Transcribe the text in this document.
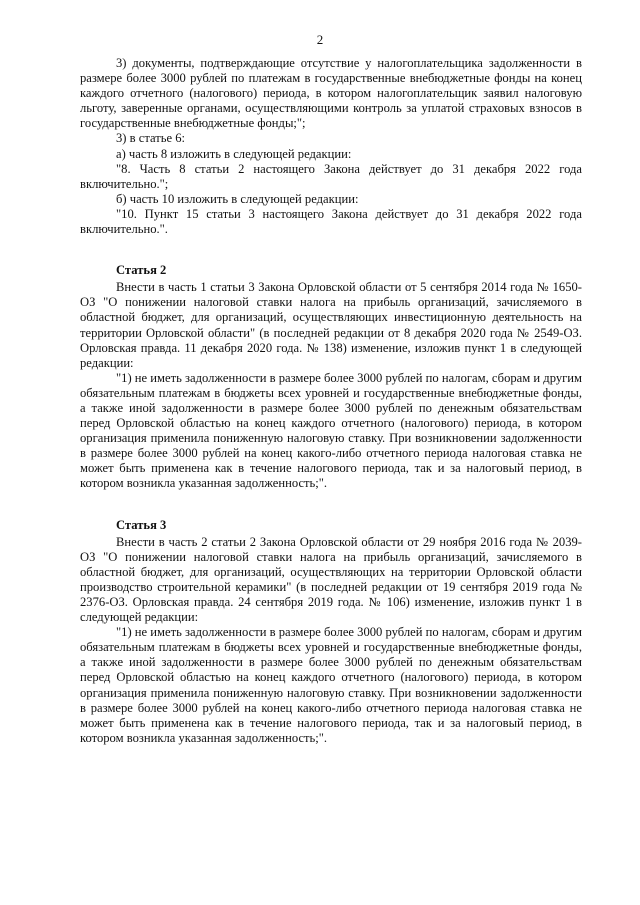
2

3) документы, подтверждающие отсутствие у налогоплательщика задолженности в размере более 3000 рублей по платежам в государственные внебюджетные фонды на конец каждого отчетного (налогового) периода, в котором налогоплательщик заявил налоговую льготу, заверенные органами, осуществляющими контроль за уплатой страховых взносов в государственные внебюджетные фонды;";

3) в статье 6:

а) часть 8 изложить в следующей редакции:

"8. Часть 8 статьи 2 настоящего Закона действует до 31 декабря 2022 года включительно.";

б) часть 10 изложить в следующей редакции:

"10. Пункт 15 статьи 3 настоящего Закона действует до 31 декабря 2022 года включительно.".

Статья 2

Внести в часть 1 статьи 3 Закона Орловской области от 5 сентября 2014 года № 1650-ОЗ "О понижении налоговой ставки налога на прибыль организаций, зачисляемого в областной бюджет, для организаций, осуществляющих инвестиционную деятельность на территории Орловской области" (в последней редакции от 8 декабря 2020 года № 2549-ОЗ. Орловская правда. 11 декабря 2020 года. № 138) изменение, изложив пункт 1 в следующей редакции:

"1) не иметь задолженности в размере более 3000 рублей по налогам, сборам и другим обязательным платежам в бюджеты всех уровней и государственные внебюджетные фонды, а также иной задолженности в размере более 3000 рублей по денежным обязательствам перед Орловской областью на конец каждого отчетного (налогового) периода, в котором организация применила пониженную налоговую ставку. При возникновении задолженности в размере более 3000 рублей на конец какого-либо отчетного периода налоговая ставка не может быть применена как в течение налогового периода, так и за налоговый период, в котором возникла указанная задолженность;".

Статья 3

Внести в часть 2 статьи 2 Закона Орловской области от 29 ноября 2016 года № 2039-ОЗ "О понижении налоговой ставки налога на прибыль организаций, зачисляемого в областной бюджет, для организаций, осуществляющих на территории Орловской области производство строительной керамики" (в последней редакции от 19 сентября 2019 года № 2376-ОЗ. Орловская правда. 24 сентября 2019 года. № 106) изменение, изложив пункт 1 в следующей редакции:

"1) не иметь задолженности в размере более 3000 рублей по налогам, сборам и другим обязательным платежам в бюджеты всех уровней и государственные внебюджетные фонды, а также иной задолженности в размере более 3000 рублей по денежным обязательствам перед Орловской областью на конец каждого отчетного (налогового) периода, в котором организация применила пониженную налоговую ставку. При возникновении задолженности в размере более 3000 рублей на конец какого-либо отчетного периода налоговая ставка не может быть применена как в течение налогового периода, так и за налоговый период, в котором возникла указанная задолженность;".
